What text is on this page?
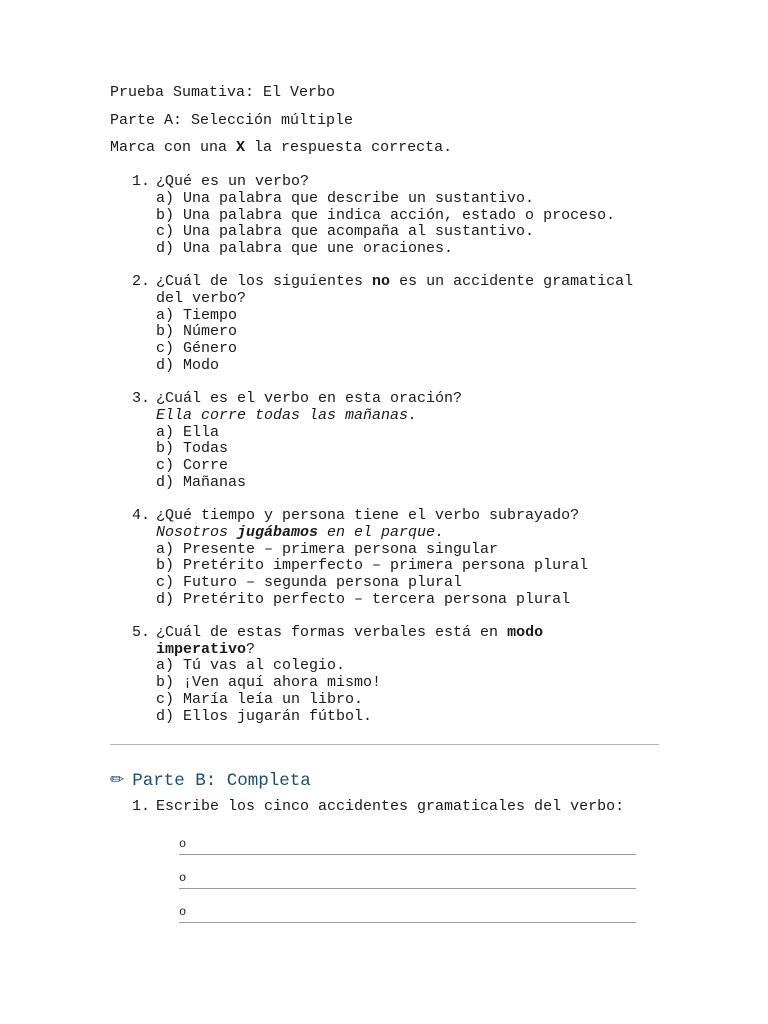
Prueba Sumativa: El Verbo
Parte A: Selección múltiple
Marca con una X la respuesta correcta.
1. ¿Qué es un verbo?
a) Una palabra que describe un sustantivo.
b) Una palabra que indica acción, estado o proceso.
c) Una palabra que acompaña al sustantivo.
d) Una palabra que une oraciones.
2. ¿Cuál de los siguientes no es un accidente gramatical
del verbo?
a) Tiempo
b) Número
c) Género
d) Modo
3. ¿Cuál es el verbo en esta oración?
Ella corre todas las mañanas.
a) Ella
b) Todas
c) Corre
d) Mañanas
4. ¿Qué tiempo y persona tiene el verbo subrayado?
Nosotros jugábamos en el parque.
a) Presente – primera persona singular
b) Pretérito imperfecto – primera persona plural
c) Futuro – segunda persona plural
d) Pretérito perfecto – tercera persona plural
5. ¿Cuál de estas formas verbales está en modo
imperativo?
a) Tú vas al colegio.
b) ¡Ven aquí ahora mismo!
c) María leía un libro.
d) Ellos jugarán fútbol.
✏ Parte B: Completa
1. Escribe los cinco accidentes gramaticales del verbo:
o
o
o
